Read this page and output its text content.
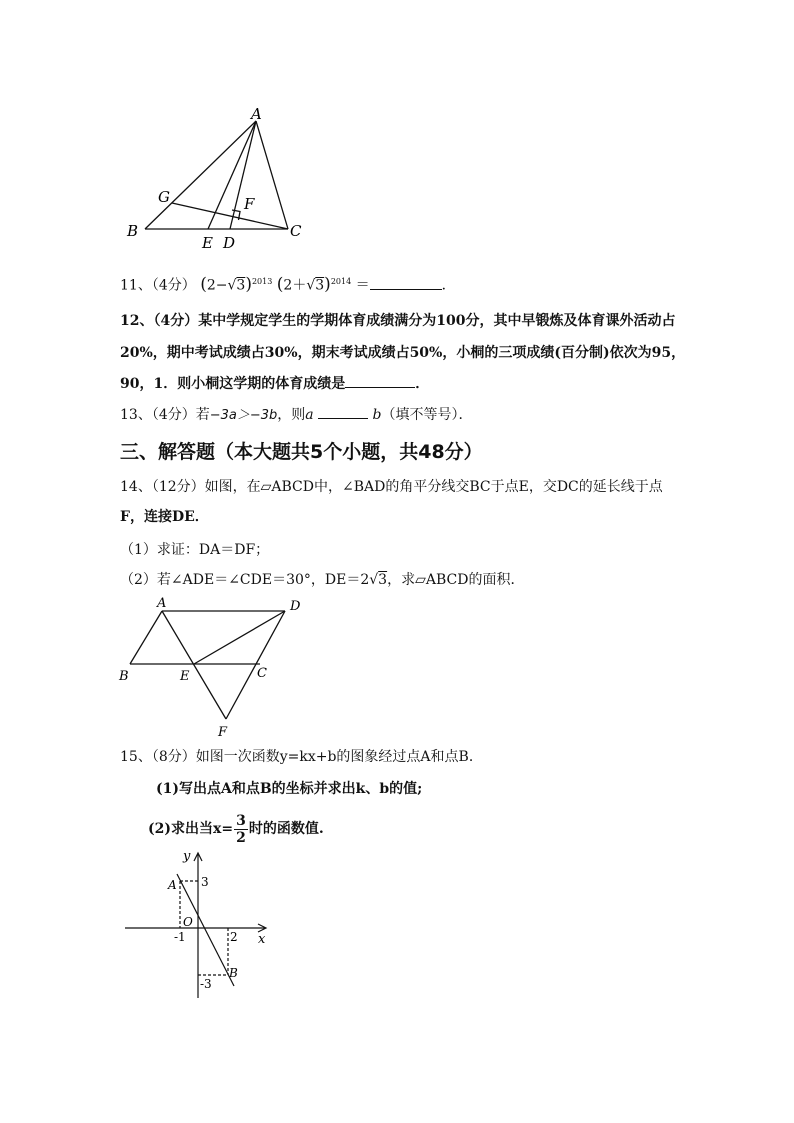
A
G	F
B
E D
C
11、（4分） $(2-√3)^{2013}$ $(2+√3)^{2014}$ ＝	．
12、（4分）某中学规定学生的学期体育成绩满分为100分，其中早锻炼及体育课外活动占
20%，期中考试成绩占30%，期末考试成绩占50%，小桐的三项成绩(百分制)依次为95，
90，1．则小桐这学期的体育成绩是	．
13、（4分）若−3a＞−3b，则a	b（填不等号）．
三、解答题（本大题共5个小题，共48分）
14、（12分）如图，在▱ABCD中，∠BAD的角平分线交BC于点E，交DC的延长线于点
F，连接DE．
（1）求证：DA＝DF；
（2）若∠ADE＝∠CDE＝30°，DE＝2√3，求▱ABCD的面积．
A	D
B	E	C
F
15、（8分）如图一次函数y=kx+b的图象经过点A和点B．
(1)写出点A和点B的坐标并求出k、b的值;
(2)求出当$x= \frac{3}{2}$ 时的函数值.
y
x
O
A
B
3
-3
-1	2
